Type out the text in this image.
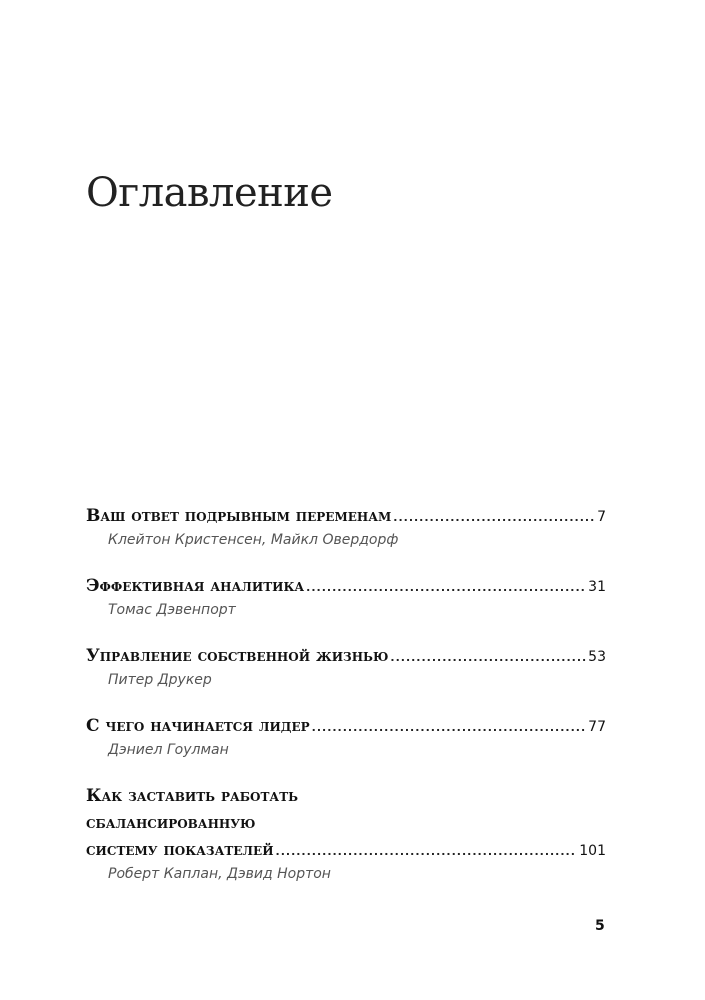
Оглавление
Ваш ответ подрывным переменам .....	7
Клейтон Кристенсен, Майкл Овердорф
Эффективная аналитика .....	31
Томас Дэвенпорт
Управление собственной жизнью .....	53
Питер Друкер
С чего начинается лидер .....	77
Дэниел Гоулман
Как заставить работать
сбалансированную
систему показателей .....	101
Роберт Каплан, Дэвид Нортон
5
